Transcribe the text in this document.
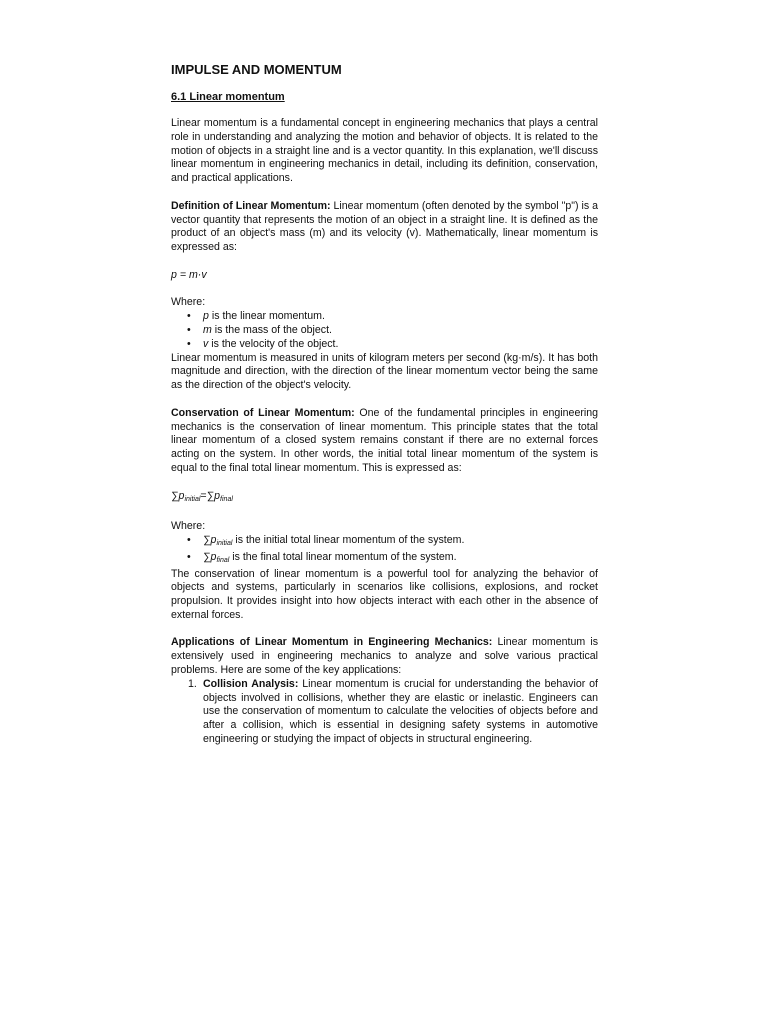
IMPULSE AND MOMENTUM
6.1 Linear momentum

Linear momentum is a fundamental concept in engineering mechanics that plays a central role in understanding and analyzing the motion and behavior of objects. It is related to the motion of objects in a straight line and is a vector quantity. In this explanation, we'll discuss linear momentum in engineering mechanics in detail, including its definition, conservation, and practical applications.

Definition of Linear Momentum: Linear momentum (often denoted by the symbol "p") is a vector quantity that represents the motion of an object in a straight line. It is defined as the product of an object's mass (m) and its velocity (v). Mathematically, linear momentum is expressed as:

p = m·v

Where:

• p is the linear momentum.
• m is the mass of the object.
• v is the velocity of the object.

Linear momentum is measured in units of kilogram meters per second (kg·m/s). It has both magnitude and direction, with the direction of the linear momentum vector being the same as the direction of the object's velocity.

Conservation of Linear Momentum: One of the fundamental principles in engineering mechanics is the conservation of linear momentum. This principle states that the total linear momentum of a closed system remains constant if there are no external forces acting on the system. In other words, the initial total linear momentum of the system is equal to the final total linear momentum. This is expressed as:

$\sum p_{initial}=\sum p_{final}$

Where:

• $\sum p_{initial}$ is the initial total linear momentum of the system.
• $\sum p_{final}$ is the final total linear momentum of the system.

The conservation of linear momentum is a powerful tool for analyzing the behavior of objects and systems, particularly in scenarios like collisions, explosions, and rocket propulsion. It provides insight into how objects interact with each other in the absence of external forces.

Applications of Linear Momentum in Engineering Mechanics: Linear momentum is extensively used in engineering mechanics to analyze and solve various practical problems. Here are some of the key applications:

1. Collision Analysis: Linear momentum is crucial for understanding the behavior of objects involved in collisions, whether they are elastic or inelastic. Engineers can use the conservation of momentum to calculate the velocities of objects before and after a collision, which is essential in designing safety systems in automotive engineering or studying the impact of objects in structural engineering.
